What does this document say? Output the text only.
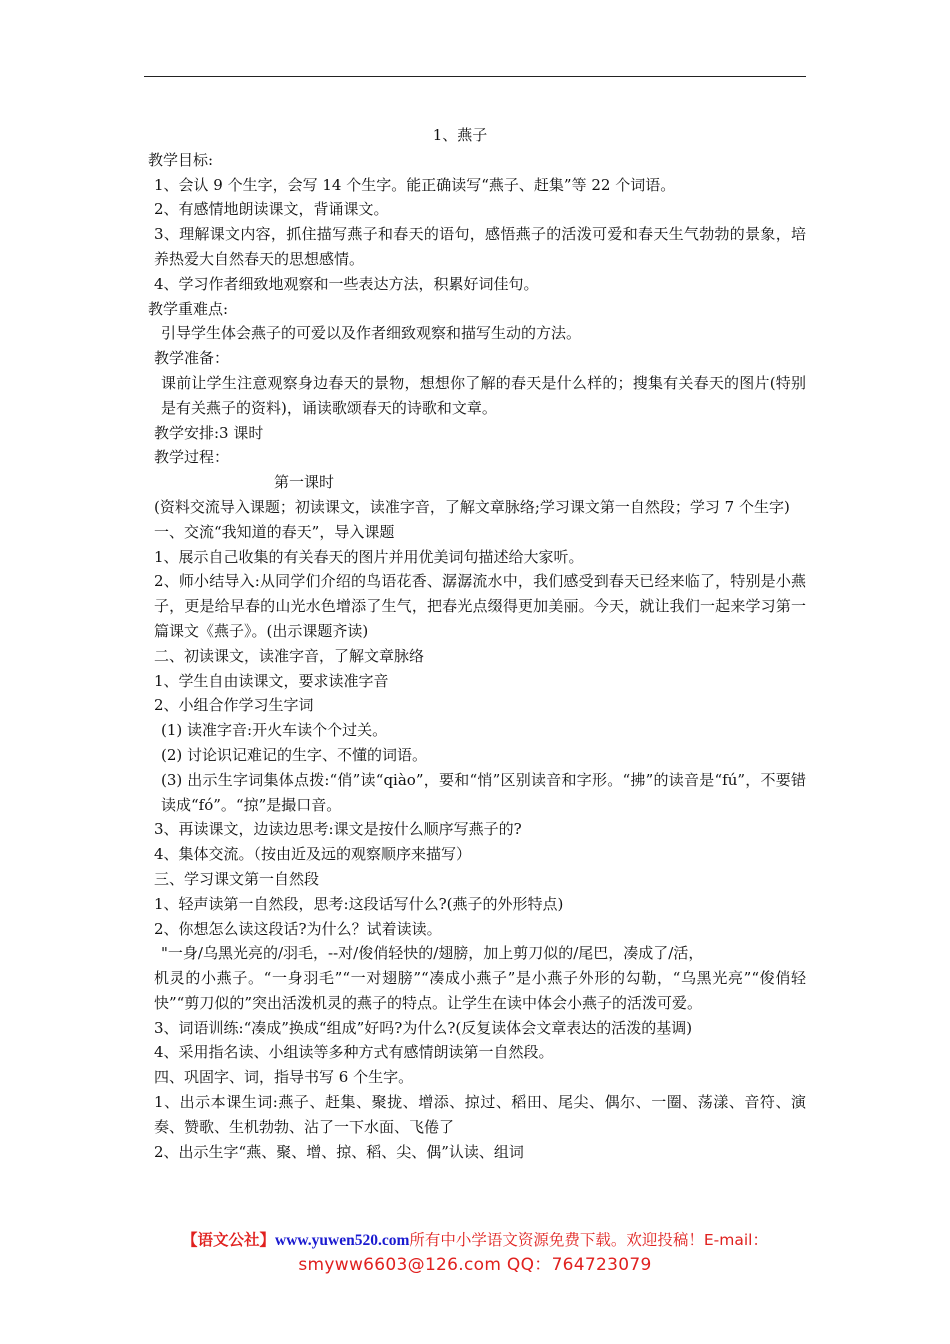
1、燕子

教学目标:

1、会认 9 个生字，会写 14 个生字。能正确读写“燕子、赶集”等 22 个词语。

2、有感情地朗读课文，背诵课文。

3、理解课文内容，抓住描写燕子和春天的语句，感悟燕子的活泼可爱和春天生气勃勃的景象，培养热爱大自然春天的思想感情。

4、学习作者细致地观察和一些表达方法，积累好词佳句。

教学重难点:

引导学生体会燕子的可爱以及作者细致观察和描写生动的方法。

教学准备：

课前让学生注意观察身边春天的景物，想想你了解的春天是什么样的；搜集有关春天的图片(特别是有关燕子的资料)，诵读歌颂春天的诗歌和文章。

教学安排:3 课时

教学过程：

第一课时

(资料交流导入课题；初读课文，读准字音，了解文章脉络;学习课文第一自然段；学习 7 个生字)

一、交流“我知道的春天”，导入课题

1、展示自己收集的有关春天的图片并用优美词句描述给大家听。

2、师小结导入:从同学们介绍的鸟语花香、潺潺流水中，我们感受到春天已经来临了，特别是小燕子，更是给早春的山光水色增添了生气，把春光点缀得更加美丽。今天，就让我们一起来学习第一篇课文《燕子》。(出示课题齐读)

二、初读课文，读准字音，了解文章脉络

1、学生自由读课文，要求读准字音

2、小组合作学习生字词

(1) 读准字音:开火车读个个过关。

(2) 讨论识记难记的生字、不懂的词语。

(3) 出示生字词集体点拨:“俏”读“qiào”，要和“悄”区别读音和字形。“拂”的读音是“fú”，不要错读成“fó”。“掠”是撮口音。

3、再读课文，边读边思考:课文是按什么顺序写燕子的?

4、集体交流。（按由近及远的观察顺序来描写）

三、学习课文第一自然段

1、轻声读第一自然段，思考:这段话写什么?(燕子的外形特点)

2、你想怎么读这段话?为什么？试着读读。

"一身/乌黑光亮的/羽毛，--对/俊俏轻快的/翅膀，加上剪刀似的/尾巴，凑成了/活，

机灵的小燕子。“一身羽毛”“一对翅膀”“凑成小燕子”是小燕子外形的勾勒，“乌黑光亮”“俊俏轻快”“剪刀似的”突出活泼机灵的燕子的特点。让学生在读中体会小燕子的活泼可爱。

3、词语训练:“凑成”换成“组成”好吗?为什么?(反复读体会文章表达的活泼的基调)

4、采用指名读、小组读等多种方式有感情朗读第一自然段。

四、巩固字、词，指导书写 6 个生字。

1、出示本课生词:燕子、赶集、聚拢、增添、掠过、稻田、尾尖、偶尔、一圈、荡漾、音符、演奏、赞歌、生机勃勃、沾了一下水面、飞倦了

2、出示生字“燕、聚、增、掠、稻、尖、偶”认读、组词

【语文公社】www.yuwen520.com所有中小学语文资源免费下载。欢迎投稿！E-mail：
smyww6603@126.com QQ：764723079
